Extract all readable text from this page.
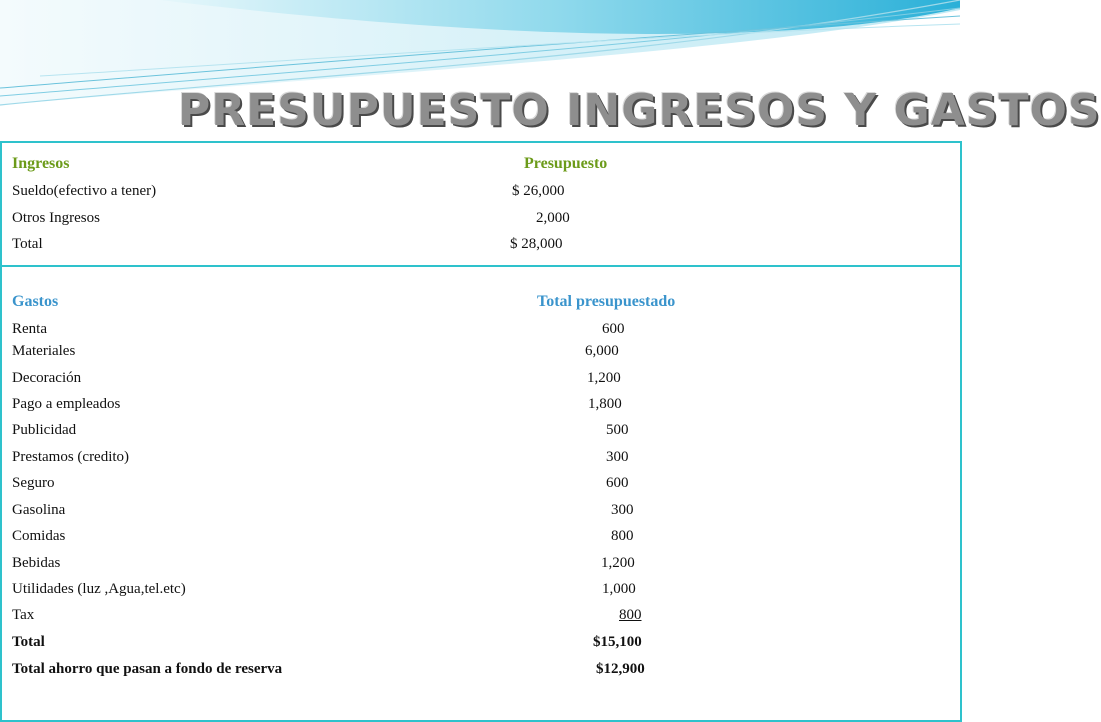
PRESUPUESTO INGRESOS Y GASTOS
Ingresos	Presupuesto
Sueldo(efectivo a tener)	$ 26,000
Otros Ingresos	2,000
Total	$ 28,000
Gastos	Total presupuestado
Renta	600
Materiales	6,000
Decoración	1,200
Pago a empleados	1,800
Publicidad	500
Prestamos (credito)	300
Seguro	600
Gasolina	300
Comidas	800
Bebidas	1,200
Utilidades (luz ,Agua,tel.etc)	1,000
Tax	800
Total	$15,100
Total ahorro que pasan a fondo de reserva	$12,900
